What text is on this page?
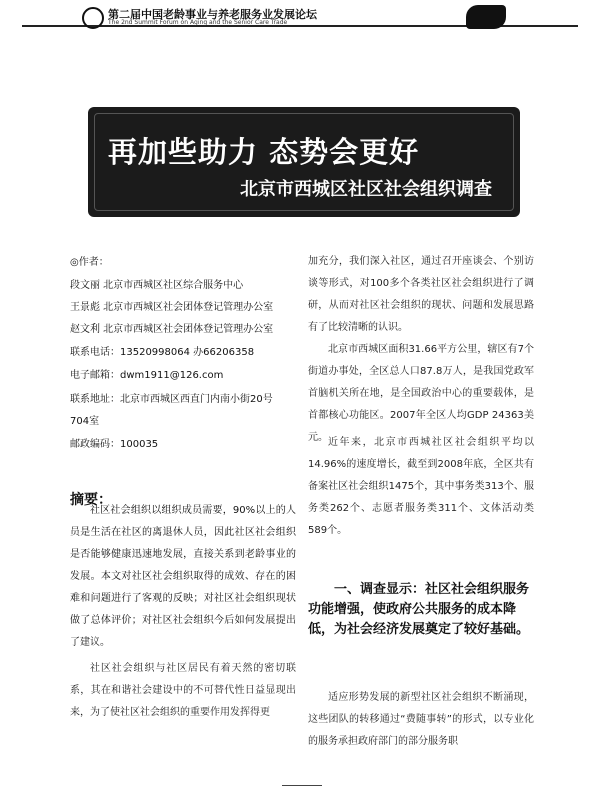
第二届中国老龄事业与养老服务业发展论坛
The 2nd Summit Forum on Aging and the Senior Care Trade
再加些助力 态势会更好
北京市西城区社区社会组织调查
◎作者：
段文丽 北京市西城区社区综合服务中心
王景彪 北京市西城区社会团体登记管理办公室
赵文利 北京市西城区社会团体登记管理办公室
联系电话：13520998064 办66206358
电子邮箱：dwm1911@126.com
联系地址：北京市西城区西直门内南小街20号
704室
邮政编码：100035
摘要：
社区社会组织以组织成员需要，90%以上的人员是生活在社区的离退休人员，因此社区社会组织是否能够健康迅速地发展，直接关系到老龄事业的发展。本文对社区社会组织取得的成效、存在的困难和问题进行了客观的反映；对社区社会组织现状做了总体评价；对社区社会组织今后如何发展提出了建议。
社区社会组织与社区居民有着天然的密切联系，其在和谐社会建设中的不可替代性日益显现出来，为了使社区社会组织的重要作用发挥得更
加充分，我们深入社区，通过召开座谈会、个别访谈等形式，对100多个各类社区社会组织进行了调研，从而对社区社会组织的现状、问题和发展思路有了比较清晰的认识。
北京市西城区面积31.66平方公里，辖区有7个街道办事处，全区总人口87.8万人，是我国党政军首脑机关所在地，是全国政治中心的重要载体，是首都核心功能区。2007年全区人均GDP 24363美元。 近年来，北京市西城社区社会组织平均以14.96%的速度增长，截至到2008年底，全区共有备案社区社会组织1475个，其中事务类313个、服务类262个、志愿者服务类311个、文体活动类589个。
一、调查显示：社区社会组织服务功能增强，使政府公共服务的成本降低，为社会经济发展奠定了较好基础。
适应形势发展的新型社区社会组织不断涌现，这些团队的转移通过“费随事转”的形式，以专业化的服务承担政府部门的部分服务职
